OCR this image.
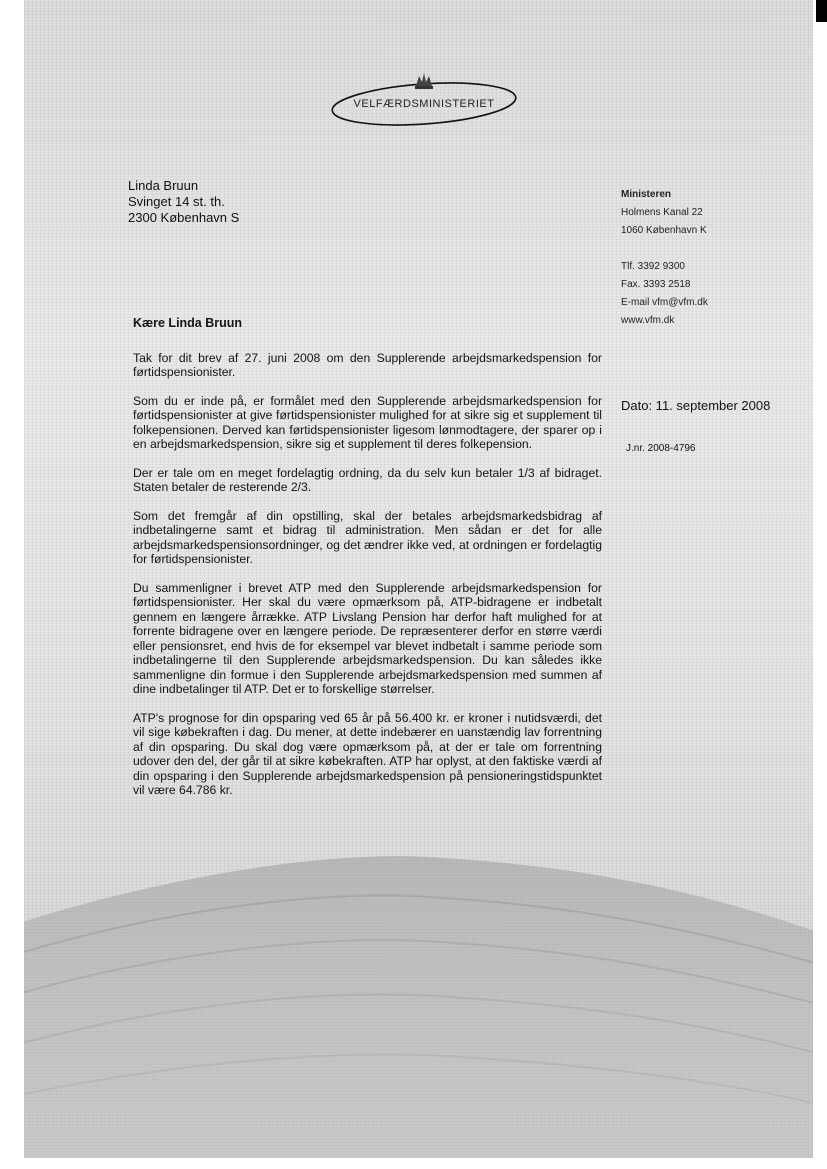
VELFÆRDSMINISTERIET
Linda Bruun
Svinget 14 st. th.
2300 København S
Ministeren
Holmens Kanal 22
1060 København K
Tlf. 3392 9300
Fax. 3393 2518
E-mail vfm@vfm.dk
www.vfm.dk
Dato: 11. september 2008
J.nr. 2008-4796
Kære Linda Bruun

Tak for dit brev af 27. juni 2008 om den Supplerende arbejdsmarkedspension for førtidspensionister.

Som du er inde på, er formålet med den Supplerende arbejdsmarkedspension for førtidspensionister at give førtidspensionister mulighed for at sikre sig et supplement til folkepensionen. Derved kan førtidspensionister ligesom lønmodtagere, der sparer op i en arbejdsmarkedspension, sikre sig et supplement til deres folkepension.

Der er tale om en meget fordelagtig ordning, da du selv kun betaler 1/3 af bidraget. Staten betaler de resterende 2/3.

Som det fremgår af din opstilling, skal der betales arbejdsmarkedsbidrag af indbetalingerne samt et bidrag til administration. Men sådan er det for alle arbejdsmarkedspensionsordninger, og det ændrer ikke ved, at ordningen er fordelagtig for førtidspensionister.

Du sammenligner i brevet ATP med den Supplerende arbejdsmarkedspension for førtidspensionister. Her skal du være opmærksom på, ATP-bidragene er indbetalt gennem en længere årrække. ATP Livslang Pension har derfor haft mulighed for at forrente bidragene over en længere periode. De repræsenterer derfor en større værdi eller pensionsret, end hvis de for eksempel var blevet indbetalt i samme periode som indbetalingerne til den Supplerende arbejdsmarkedspension. Du kan således ikke sammenligne din formue i den Supplerende arbejdsmarkedspension med summen af dine indbetalinger til ATP. Det er to forskellige størrelser.

ATP's prognose for din opsparing ved 65 år på 56.400 kr. er kroner i nutidsværdi, det vil sige købekraften i dag. Du mener, at dette indebærer en uanstændig lav forrentning af din opsparing. Du skal dog være opmærksom på, at der er tale om forrentning udover den del, der går til at sikre købekraften. ATP har oplyst, at den faktiske værdi af din opsparing i den Supplerende arbejdsmarkedspension på pensioneringstidspunktet vil være 64.786 kr.
